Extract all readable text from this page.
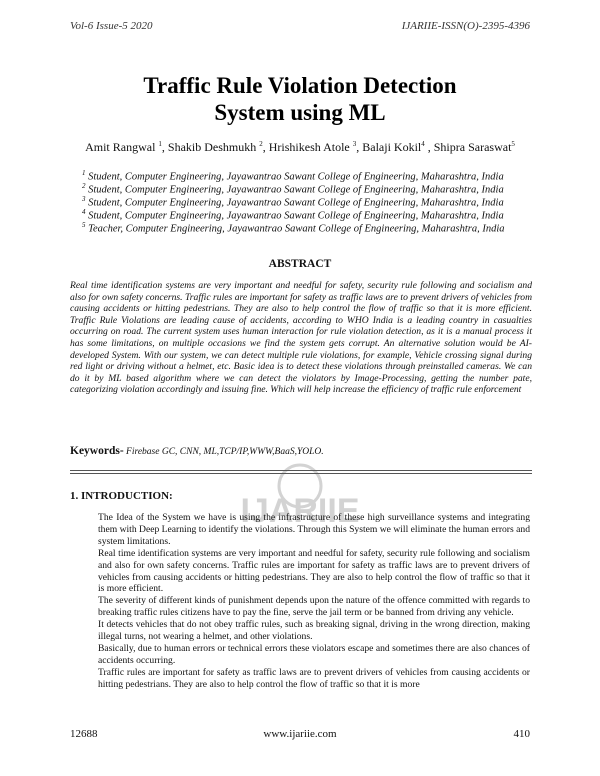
Vol-6 Issue-5 2020	IJARIIE-ISSN(O)-2395-4396
Traffic Rule Violation Detection
System using ML
Amit Rangwal $^1$, Shakib Deshmukh $^2$, Hrishikesh Atole $^3$, Balaji Kokil$^4$ , Shipra Saraswat$^5$
$^1$ Student, Computer Engineering, Jayawantrao Sawant College of Engineering, Maharashtra, India
$^2$ Student, Computer Engineering, Jayawantrao Sawant College of Engineering, Maharashtra, India
$^3$ Student, Computer Engineering, Jayawantrao Sawant College of Engineering, Maharashtra, India
$^4$ Student, Computer Engineering, Jayawantrao Sawant College of Engineering, Maharashtra, India
$^5$ Teacher, Computer Engineering, Jayawantrao Sawant College of Engineering, Maharashtra, India
ABSTRACT
Real time identification systems are very important and needful for safety, security rule following and socialism and also for own safety concerns. Traffic rules are important for safety as traffic laws are to prevent drivers of vehicles from causing accidents or hitting pedestrians. They are also to help control the flow of traffic so that it is more efficient. Traffic Rule Violations are leading cause of accidents, according to WHO India is a leading country in casualties occurring on road. The current system uses human interaction for rule violation detection, as it is a manual process it has some limitations, on multiple occasions we find the system gets corrupt. An alternative solution would be AI-developed System. With our system, we can detect multiple rule violations, for example, Vehicle crossing signal during red light or driving without a helmet, etc. Basic idea is to detect these violations through preinstalled cameras. We can do it by ML based algorithm where we can detect the violators by Image-Processing, getting the number pate, categorizing violation accordingly and issuing fine. Which will help increase the efficiency of traffic rule enforcement
Keywords- Firebase GC, CNN, ML,TCP/IP,WWW,BaaS,YOLO.
IJARIIE
1. INTRODUCTION:

The Idea of the System we have is using the infrastructure of these high surveillance systems and integrating them with Deep Learning to identify the violations. Through this System we will eliminate the human errors and system limitations.

Real time identification systems are very important and needful for safety, security rule following and socialism and also for own safety concerns. Traffic rules are important for safety as traffic laws are to prevent drivers of vehicles from causing accidents or hitting pedestrians. They are also to help control the flow of traffic so that it is more efficient.

The severity of different kinds of punishment depends upon the nature of the offence committed with regards to breaking traffic rules citizens have to pay the fine, serve the jail term or be banned from driving any vehicle.

It detects vehicles that do not obey traffic rules, such as breaking signal, driving in the wrong direction, making illegal turns, not wearing a helmet, and other violations.

Basically, due to human errors or technical errors these violators escape and sometimes there are also chances of accidents occurring.

Traffic rules are important for safety as traffic laws are to prevent drivers of vehicles from causing accidents or hitting pedestrians. They are also to help control the flow of traffic so that it is more

12688	www.ijariie.com	410
